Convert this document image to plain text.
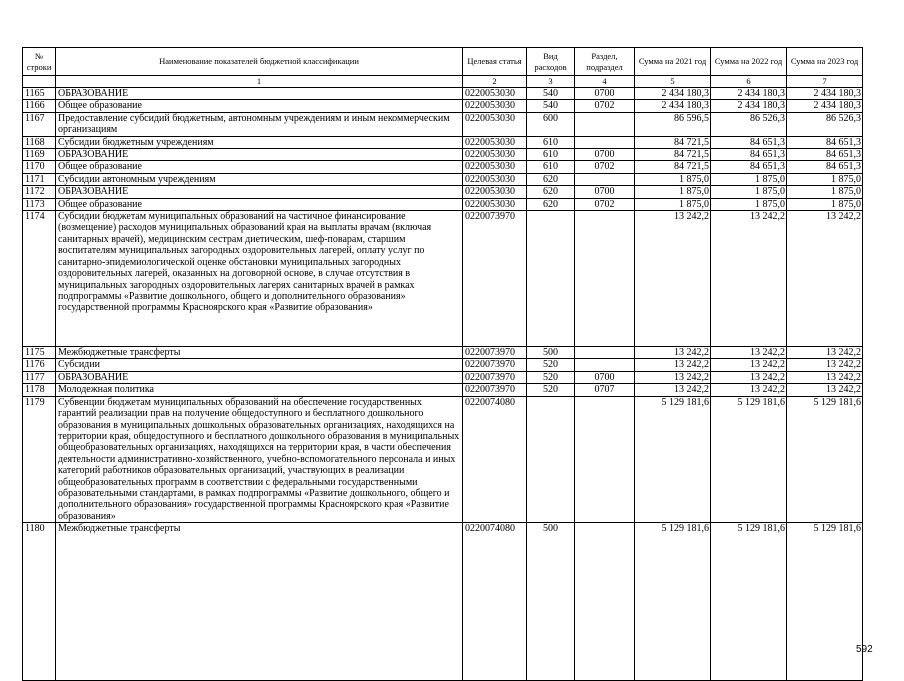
№ строки	Наименование показателей бюджетной классификации	Целевая статья	Вид расходов	Раздел, подраздел	Сумма на 2021 год	Сумма на 2022 год	Сумма на 2023 год
	1	2	3	4	5	6	7
1165	ОБРАЗОВАНИЕ	0220053030	540	0700	2 434 180,3	2 434 180,3	2 434 180,3
1166	Общее образование	0220053030	540	0702	2 434 180,3	2 434 180,3	2 434 180,3
1167	Предоставление субсидий бюджетным, автономным учреждениям и иным некоммерческим организациям	0220053030	600		86 596,5	86 526,3	86 526,3
1168	Субсидии бюджетным учреждениям	0220053030	610		84 721,5	84 651,3	84 651,3
1169	ОБРАЗОВАНИЕ	0220053030	610	0700	84 721,5	84 651,3	84 651,3
1170	Общее образование	0220053030	610	0702	84 721,5	84 651,3	84 651,3
1171	Субсидии автономным учреждениям	0220053030	620		1 875,0	1 875,0	1 875,0
1172	ОБРАЗОВАНИЕ	0220053030	620	0700	1 875,0	1 875,0	1 875,0
1173	Общее образование	0220053030	620	0702	1 875,0	1 875,0	1 875,0
1174	Субсидии бюджетам муниципальных образований на частичное финансирование (возмещение) расходов муниципальных образований края на выплаты врачам (включая санитарных врачей), медицинским сестрам диетическим, шеф-поварам, старшим воспитателям муниципальных загородных оздоровительных лагерей, оплату услуг по санитарно-эпидемиологической оценке обстановки муниципальных загородных оздоровительных лагерей, оказанных на договорной основе, в случае отсутствия в муниципальных загородных оздоровительных лагерях санитарных врачей в рамках подпрограммы «Развитие дошкольного, общего и дополнительного образования» государственной программы Красноярского края «Развитие образования»	0220073970			13 242,2	13 242,2	13 242,2
1175	Межбюджетные трансферты	0220073970	500		13 242,2	13 242,2	13 242,2
1176	Субсидии	0220073970	520		13 242,2	13 242,2	13 242,2
1177	ОБРАЗОВАНИЕ	0220073970	520	0700	13 242,2	13 242,2	13 242,2
1178	Молодежная политика	0220073970	520	0707	13 242,2	13 242,2	13 242,2
1179	Субвенции бюджетам муниципальных образований на обеспечение государственных гарантий реализации прав на получение общедоступного и бесплатного дошкольного образования в муниципальных дошкольных образовательных организациях, находящихся на территории края, общедоступного и бесплатного дошкольного образования в муниципальных общеобразовательных организациях, находящихся на территории края, в части обеспечения деятельности административно-хозяйственного, учебно-вспомогательного персонала и иных категорий работников образовательных организаций, участвующих в реализации общеобразовательных программ в соответствии с федеральными государственными образовательными стандартами, в рамках подпрограммы «Развитие дошкольного, общего и дополнительного образования» государственной программы Красноярского края «Развитие образования»	0220074080			5 129 181,6	5 129 181,6	5 129 181,6
1180	Межбюджетные трансферты	0220074080	500		5 129 181,6	5 129 181,6	5 129 181,6
592
